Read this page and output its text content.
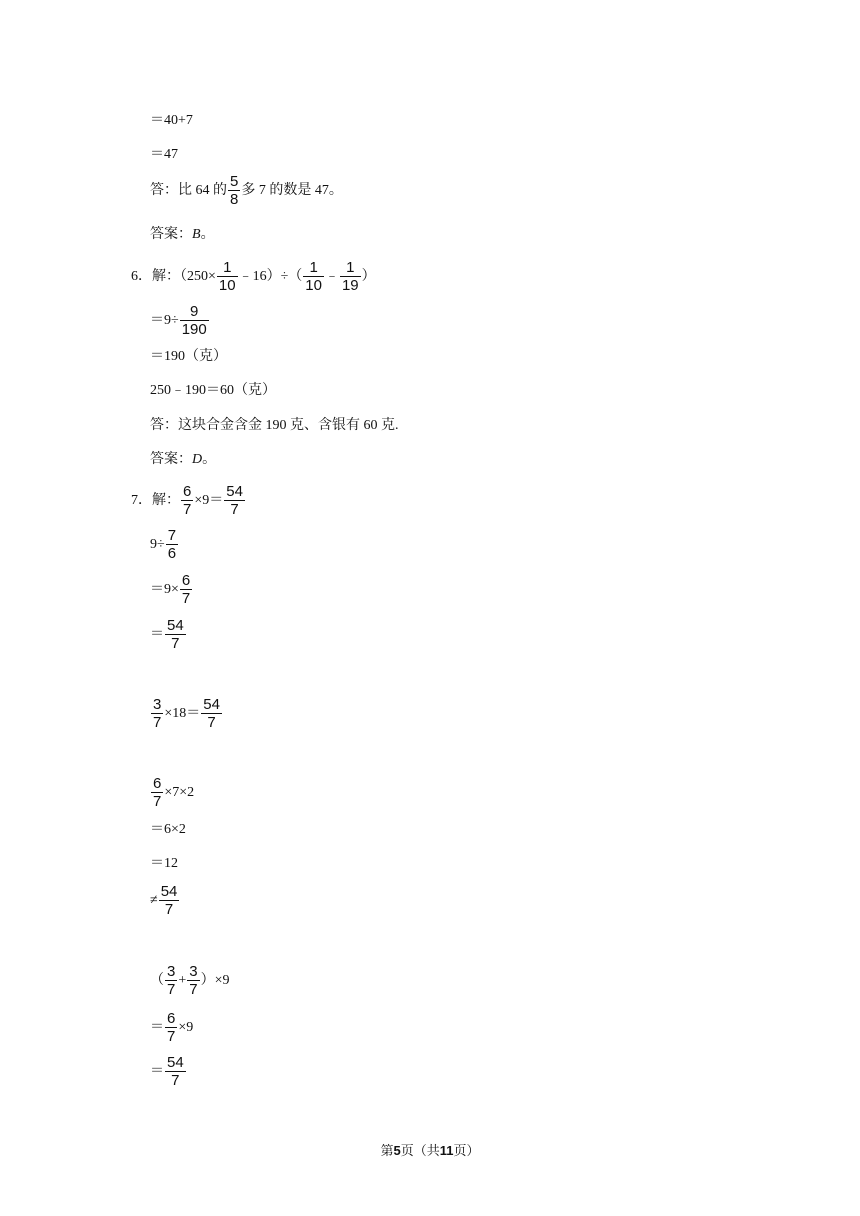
＝40+7
＝47
答：比 64 的 $\frac{5}{8}$ 多 7 的数是 47。
答案： B 。
6． 解：（$250\times \frac{1}{10}$ ﹣16）÷（ $\frac{1}{10}$ ﹣ $\frac{1}{19}$ ）
$=9\div \frac{9}{190}$
＝190（克）
250﹣190＝60（克）
答：这块合金含金 190 克、含银有 60 克.
答案： D 。
7． 解： $\frac{6}{7} \times 9= \frac{54}{7}$
$9\div \frac{7}{6}$
$=9\times \frac{6}{7}$
＝ $\frac{54}{7}$
$\frac{3}{7} \times 18= \frac{54}{7}$
$\frac{6}{7} \times 7\times 2$
＝6×2
＝12
≠ $\frac{54}{7}$
（ $\frac{3}{7} + \frac{3}{7} )\times 9$
＝ $\frac{6}{7} \times 9$
＝ $\frac{54}{7}$
第5页（共11页）
